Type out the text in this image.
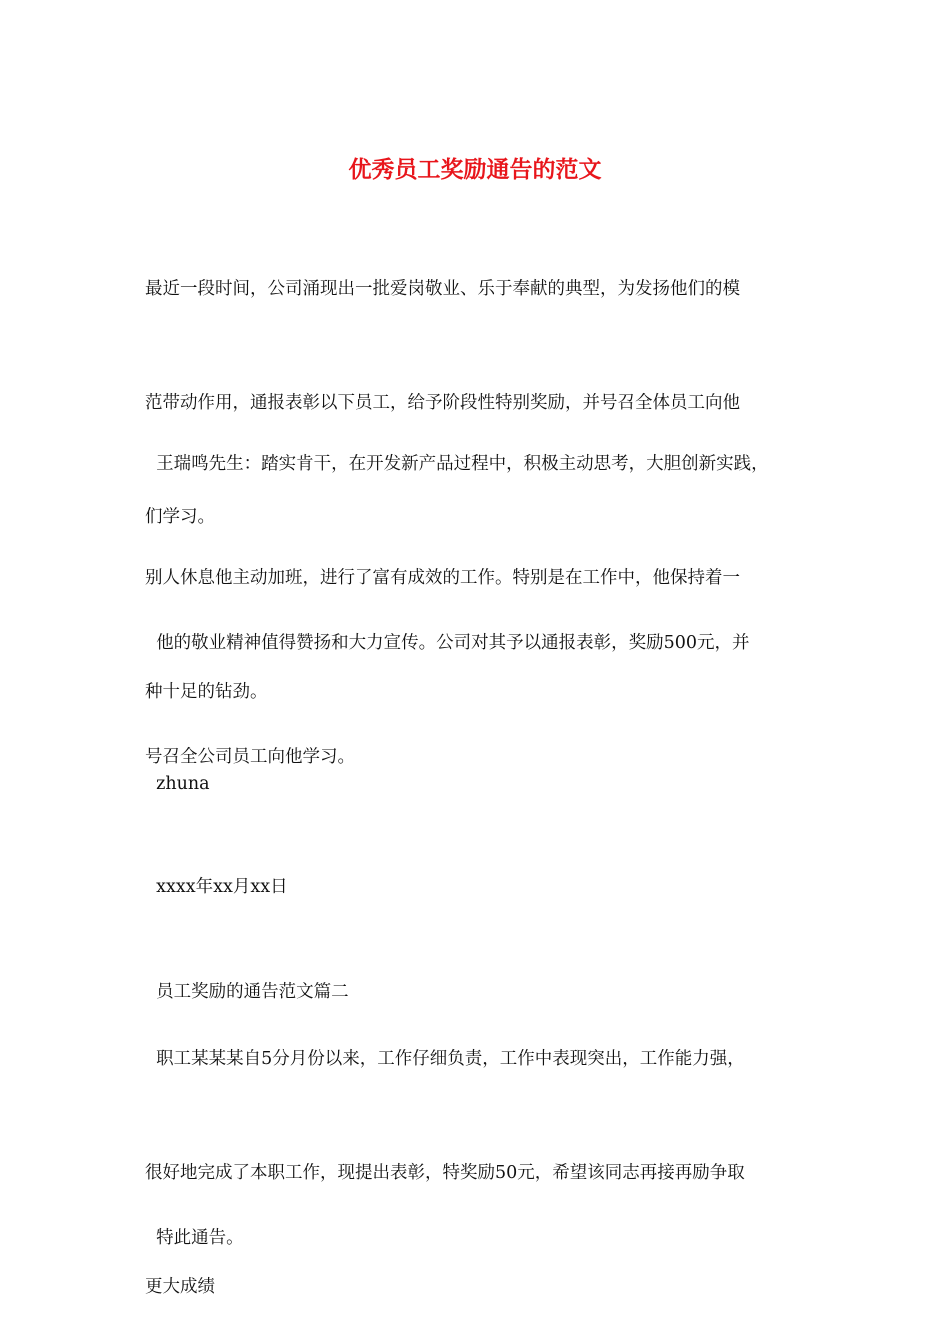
优秀员工奖励通告的范文

最近一段时间，公司涌现出一批爱岗敬业、乐于奉献的典型，为发扬他们的模

范带动作用，通报表彰以下员工，给予阶段性特别奖励，并号召全体员工向他

们学习。

王瑞鸣先生：踏实肯干，在开发新产品过程中，积极主动思考，大胆创新实践，

别人休息他主动加班，进行了富有成效的工作。特别是在工作中，他保持着一

种十足的钻劲。

他的敬业精神值得赞扬和大力宣传。公司对其予以通报表彰，奖励500元，并

号召全公司员工向他学习。

zhuna

xxxx年xx月xx日

员工奖励的通告范文篇二

职工某某某自5分月份以来，工作仔细负责，工作中表现突出，工作能力强，

很好地完成了本职工作，现提出表彰，特奖励50元，希望该同志再接再励争取

更大成绩

特此通告。
